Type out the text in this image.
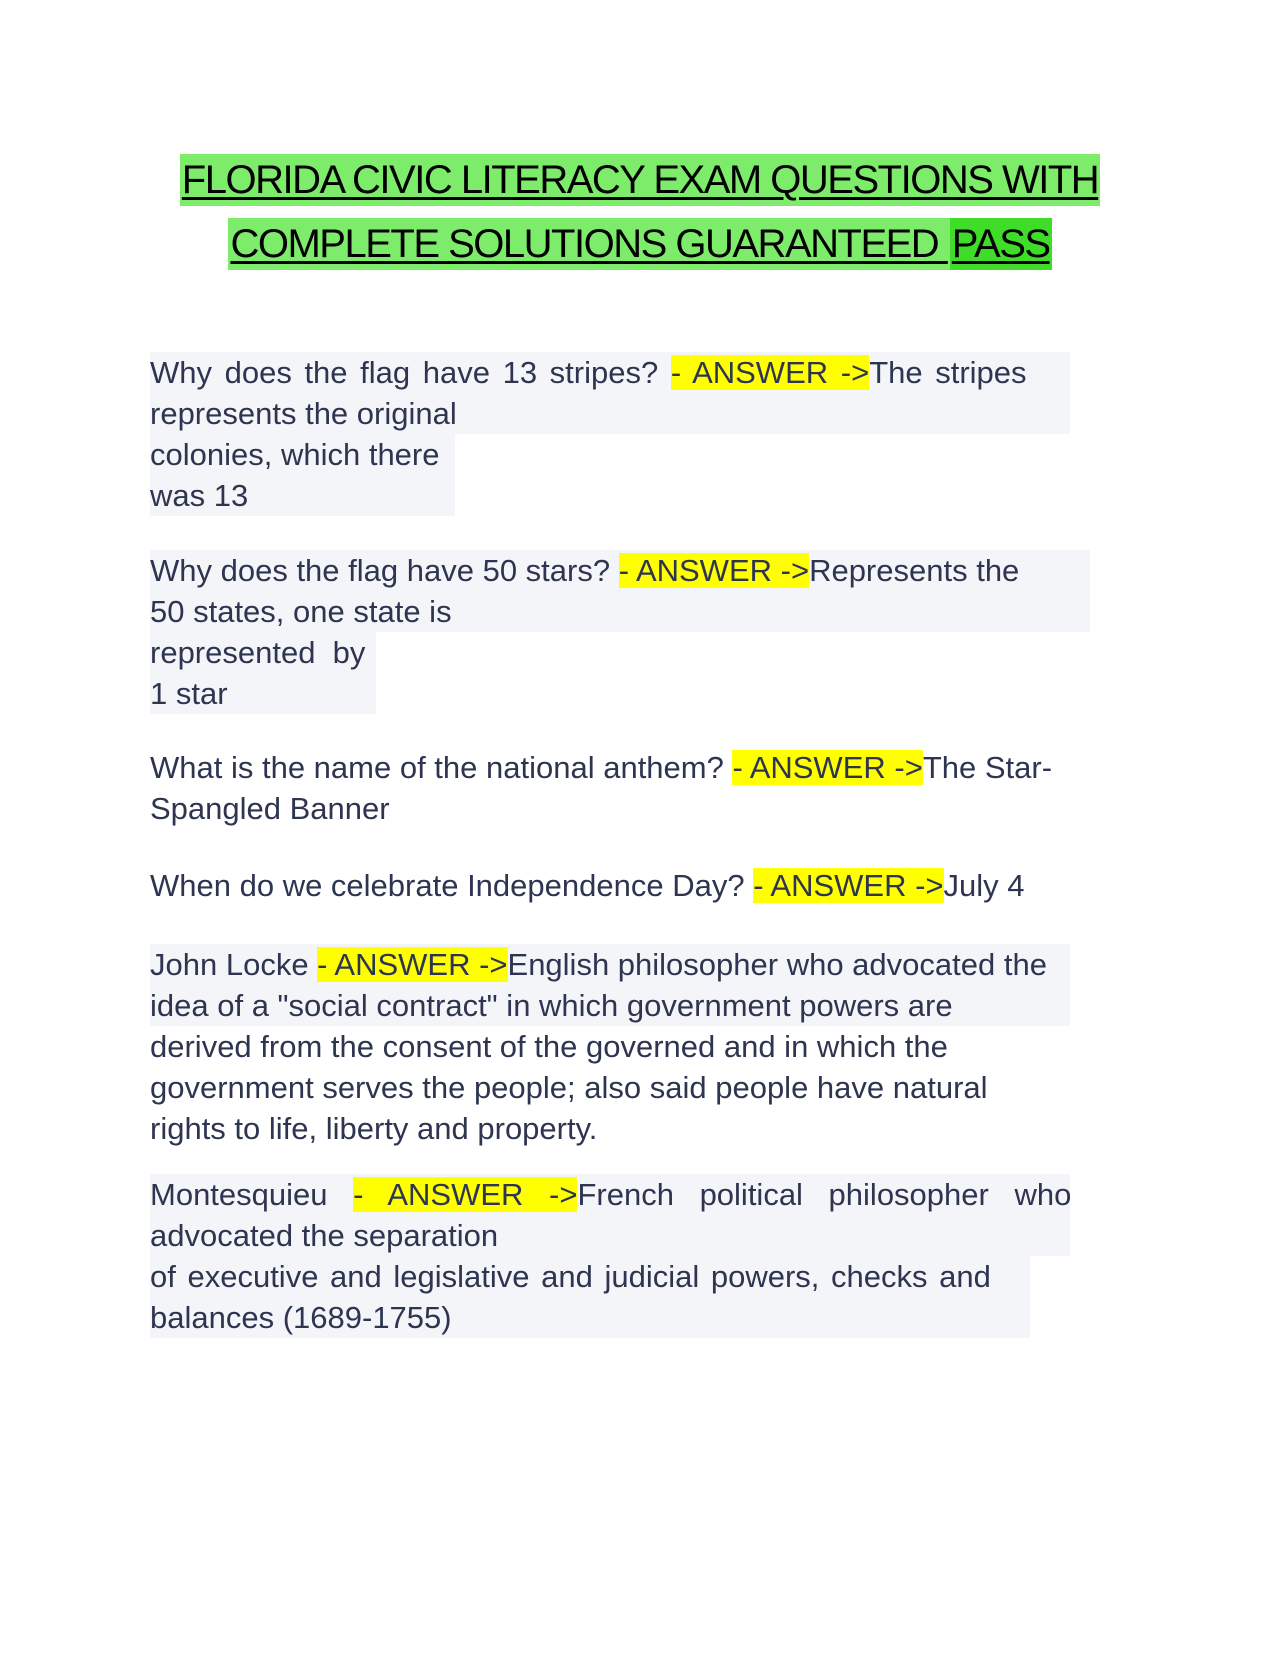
FLORIDA CIVIC LITERACY EXAM QUESTIONS WITH
COMPLETE SOLUTIONS GUARANTEED PASS
Why does the flag have 13 stripes? - ANSWER ->The stripes
represents the original
colonies, which there
was 13
Why does the flag have 50 stars? - ANSWER ->Represents the
50 states, one state is
represented  by
1 star
What is the name of the national anthem? - ANSWER ->The Star-
Spangled Banner
When do we celebrate Independence Day? - ANSWER ->July 4
John Locke - ANSWER ->English philosopher who advocated the
idea of a "social contract" in which government powers are
derived from the consent of the governed and in which the
government serves the people; also said people have natural
rights to life, liberty and property.
Montesquieu - ANSWER ->French political philosopher who
advocated the separation
of executive and legislative and judicial powers, checks and
balances (1689-1755)
